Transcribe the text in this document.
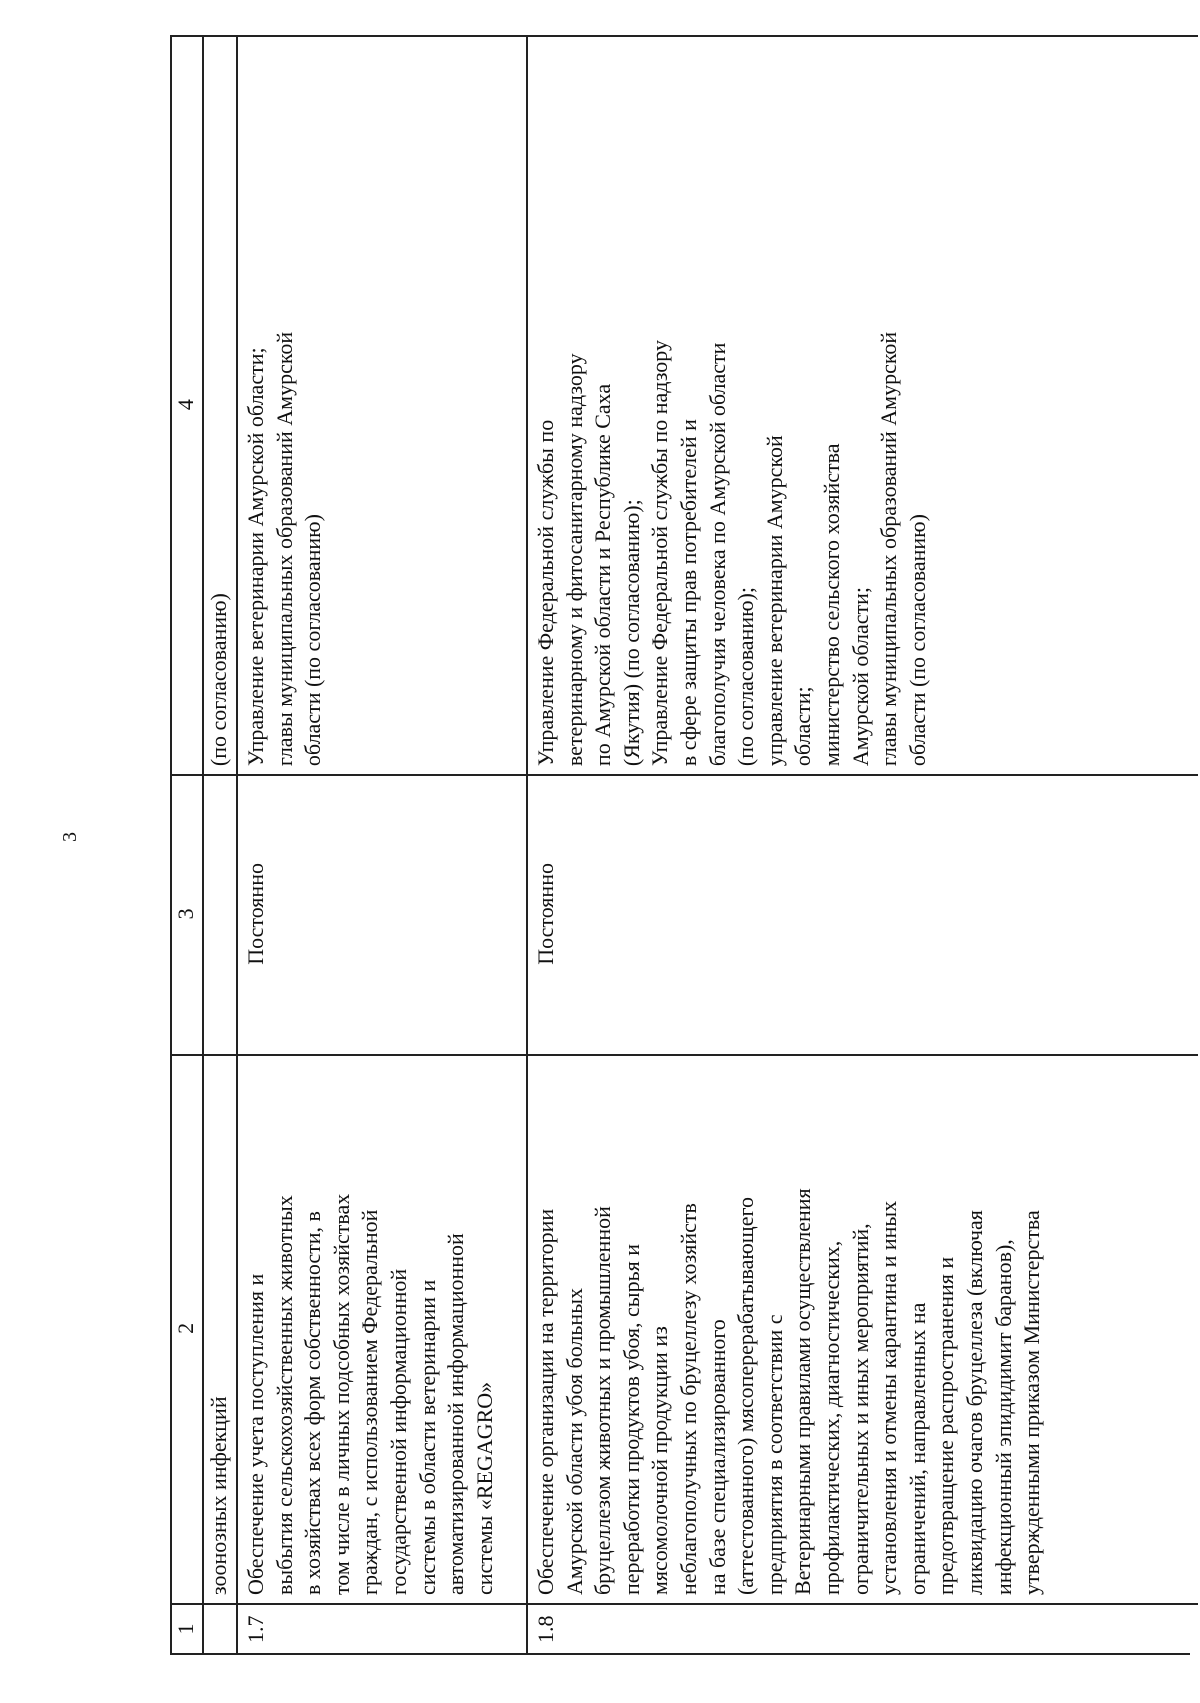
3
1
2
3
4
зоонозных инфекций
(по согласованию)
1.7
Обеспечение учета поступления и выбытия сельскохозяйственных животных в хозяйствах всех форм собственности, в том числе в личных подсобных хозяйствах граждан, с использованием Федеральной государственной информационной системы в области ветеринарии и автоматизированной информационной системы «REGAGRO»
Постоянно
Управление ветеринарии Амурской области; главы муниципальных образований Амурской области (по согласованию)
1.8
Обеспечение организации на территории Амурской области убоя больных бруцеллезом животных и промышленной переработки продуктов убоя, сырья и мясомолочной продукции из неблагополучных по бруцеллезу хозяйств на базе специализированного (аттестованного) мясоперерабатывающего предприятия в соответствии с Ветеринарными правилами осуществления профилактических, диагностических, ограничительных и иных мероприятий, установления и отмены карантина и иных ограничений, направленных на предотвращение распространения и ликвидацию очагов бруцеллеза (включая инфекционный эпидидимит баранов), утвержденными приказом Министерства
Постоянно
Управление Федеральной службы по ветеринарному и фитосанитарному надзору по Амурской области и Республике Саха (Якутия) (по согласованию); Управление Федеральной службы по надзору в сфере защиты прав потребителей и благополучия человека по Амурской области (по согласованию); управление ветеринарии Амурской области; министерство сельского хозяйства Амурской области; главы муниципальных образований Амурской области (по согласованию)
